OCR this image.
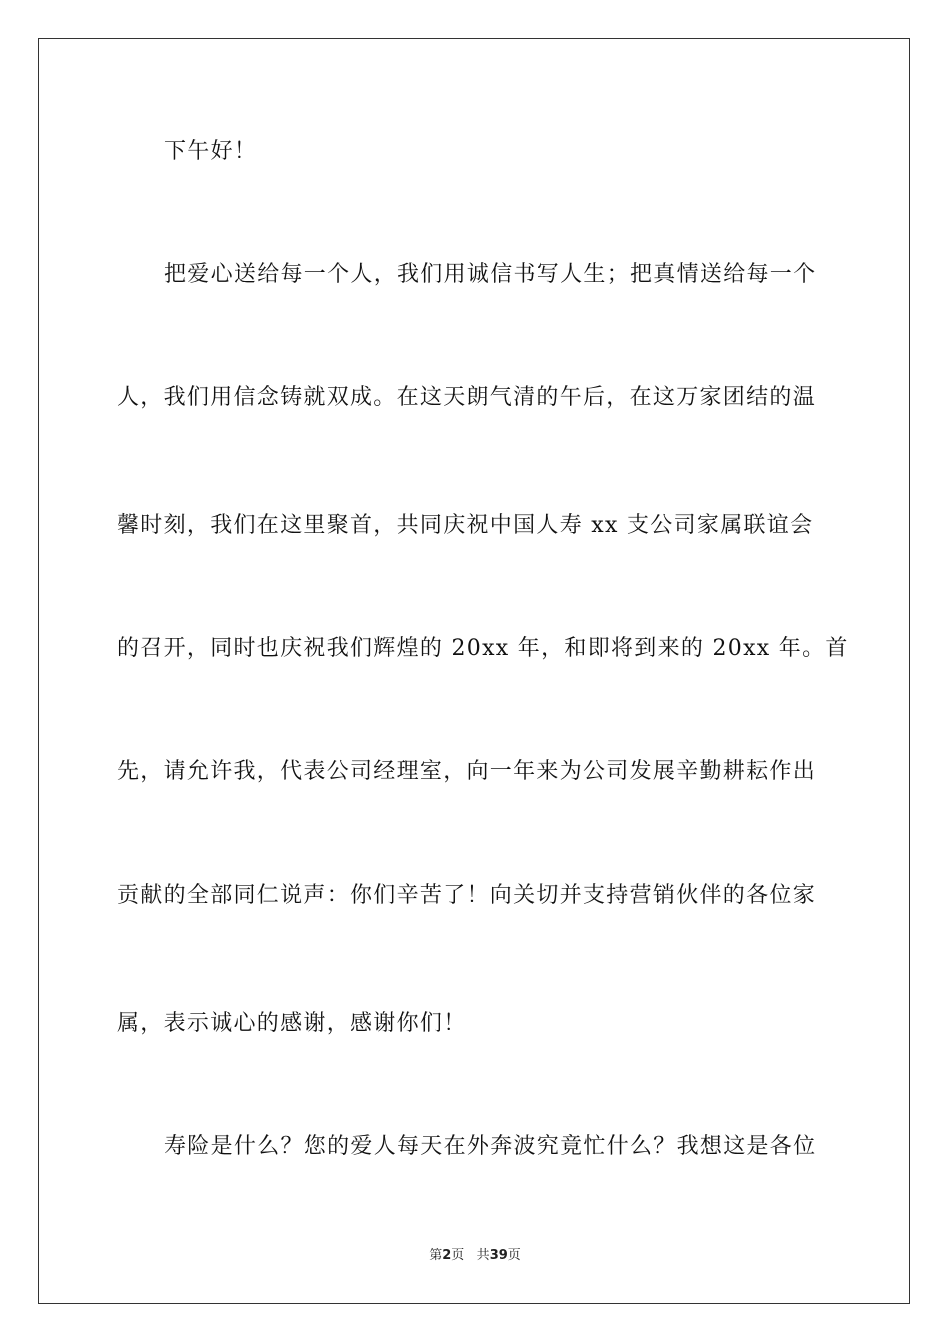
下午好！
把爱心送给每一个人，我们用诚信书写人生；把真情送给每一个
人，我们用信念铸就双成。在这天朗气清的午后，在这万家团结的温
馨时刻，我们在这里聚首，共同庆祝中国人寿 xx 支公司家属联谊会
的召开，同时也庆祝我们辉煌的 20xx 年，和即将到来的 20xx 年。首
先，请允许我，代表公司经理室，向一年来为公司发展辛勤耕耘作出
贡献的全部同仁说声：你们辛苦了！向关切并支持营销伙伴的各位家
属，表示诚心的感谢，感谢你们！
寿险是什么？您的爱人每天在外奔波究竟忙什么？我想这是各位
第2页 共39页
